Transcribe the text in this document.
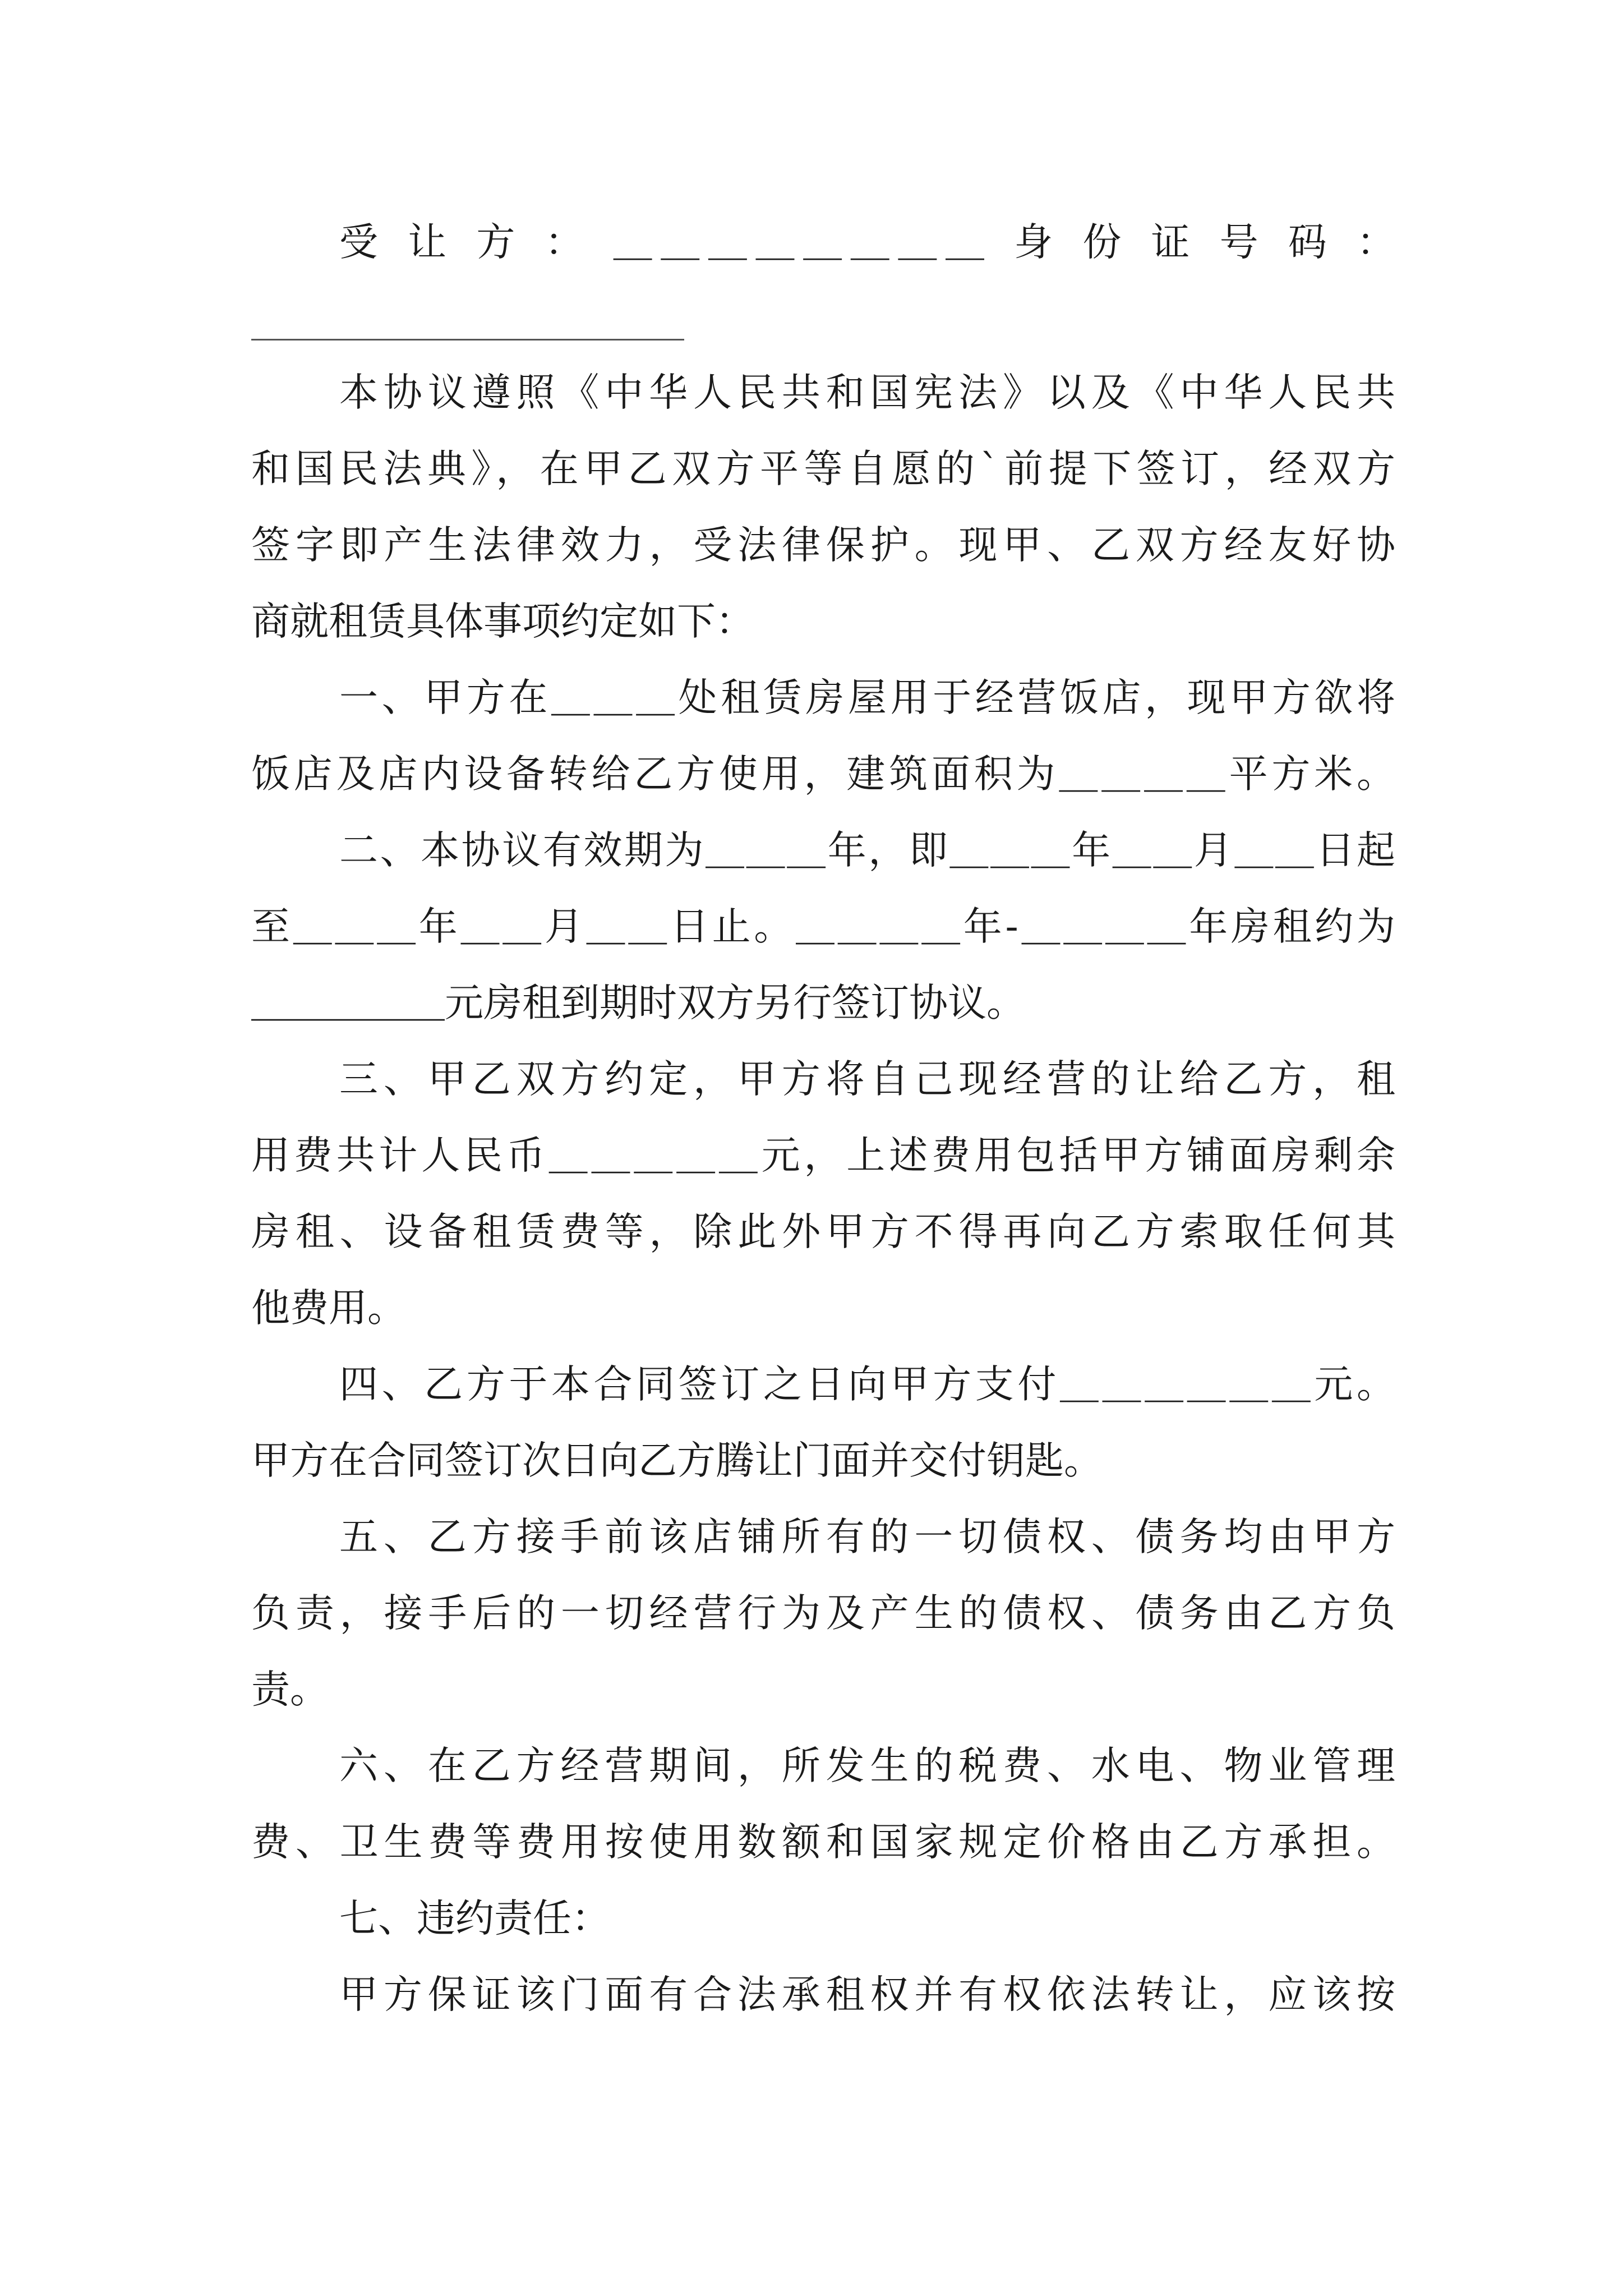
受 让 方 ： ＿＿＿＿＿＿＿＿ 身 份 证 号 码 ：
本协议遵照《中华人民共和国宪法》以及《中华人民共
和国民法典》，在甲乙双方平等自愿的`前提下签订，经双方
签字即产生法律效力，受法律保护。现甲、乙双方经友好协
商就租赁具体事项约定如下：
一、甲方在＿＿＿处租赁房屋用于经营饭店，现甲方欲将
饭店及店内设备转给乙方使用，建筑面积为＿＿＿＿平方米。
二、本协议有效期为＿＿＿年，即＿＿＿年＿＿月＿＿日起
至＿＿＿年＿＿月＿＿日止。＿＿＿＿年-＿＿＿＿年房租约为
＿＿＿＿＿元房租到期时双方另行签订协议。
三、甲乙双方约定，甲方将自己现经营的让给乙方，租
用费共计人民币＿＿＿＿＿元，上述费用包括甲方铺面房剩余
房租、设备租赁费等，除此外甲方不得再向乙方索取任何其
他费用。
四、乙方于本合同签订之日向甲方支付＿＿＿＿＿＿元。
甲方在合同签订次日向乙方腾让门面并交付钥匙。
五、乙方接手前该店铺所有的一切债权、债务均由甲方
负责，接手后的一切经营行为及产生的债权、债务由乙方负
责。
六、在乙方经营期间，所发生的税费、水电、物业管理
费、卫生费等费用按使用数额和国家规定价格由乙方承担。
七、违约责任：
甲方保证该门面有合法承租权并有权依法转让，应该按
